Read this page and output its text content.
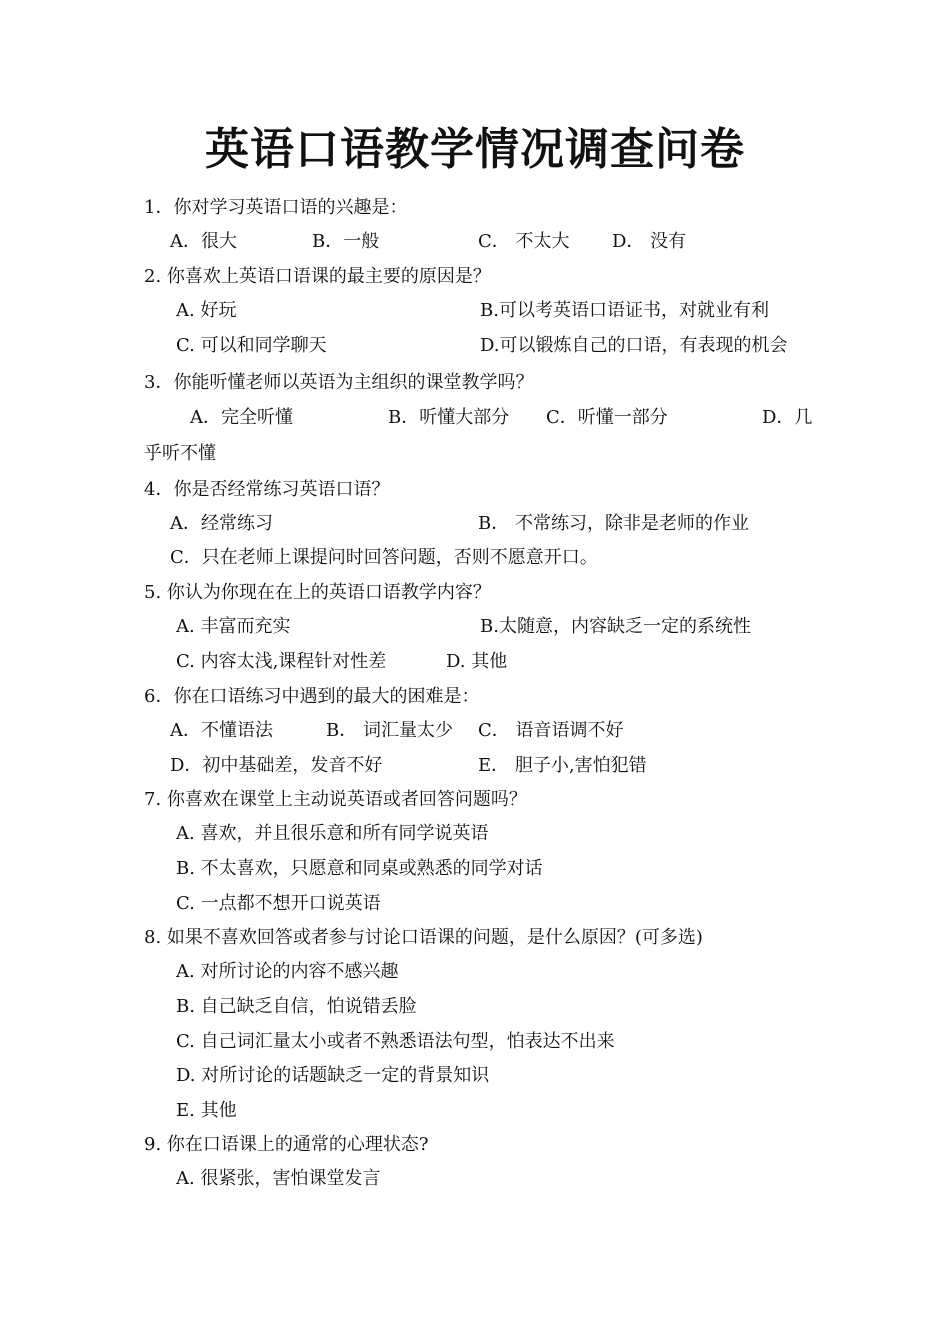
英语口语教学情况调查问卷
1．你对学习英语口语的兴趣是：
A．很大	B．一般	C． 不太大 D． 没有
2. 你喜欢上英语口语课的最主要的原因是？
A. 好玩	B.可以考英语口语证书，对就业有利
C. 可以和同学聊天	D.可以锻炼自己的口语，有表现的机会
3．你能听懂老师以英语为主组织的课堂教学吗？
A．完全听懂	B．听懂大部分 C．听懂一部分	D．几
乎听不懂
4．你是否经常练习英语口语？
A．经常练习	B． 不常练习，除非是老师的作业
C．只在老师上课提问时回答问题，否则不愿意开口。
5. 你认为你现在在上的英语口语教学内容？
A. 丰富而充实	B.太随意，内容缺乏一定的系统性
C. 内容太浅,课程针对性差	D. 其他
6．你在口语练习中遇到的最大的困难是：
A．不懂语法	B． 词汇量太少 C． 语音语调不好
D．初中基础差，发音不好	E． 胆子小,害怕犯错
7. 你喜欢在课堂上主动说英语或者回答问题吗？
A. 喜欢，并且很乐意和所有同学说英语
B. 不太喜欢，只愿意和同桌或熟悉的同学对话
C. 一点都不想开口说英语
8. 如果不喜欢回答或者参与讨论口语课的问题，是什么原因？(可多选)
A. 对所讨论的内容不感兴趣
B. 自己缺乏自信，怕说错丢脸
C. 自己词汇量太小或者不熟悉语法句型，怕表达不出来
D. 对所讨论的话题缺乏一定的背景知识
E. 其他
9. 你在口语课上的通常的心理状态?
A. 很紧张，害怕课堂发言
